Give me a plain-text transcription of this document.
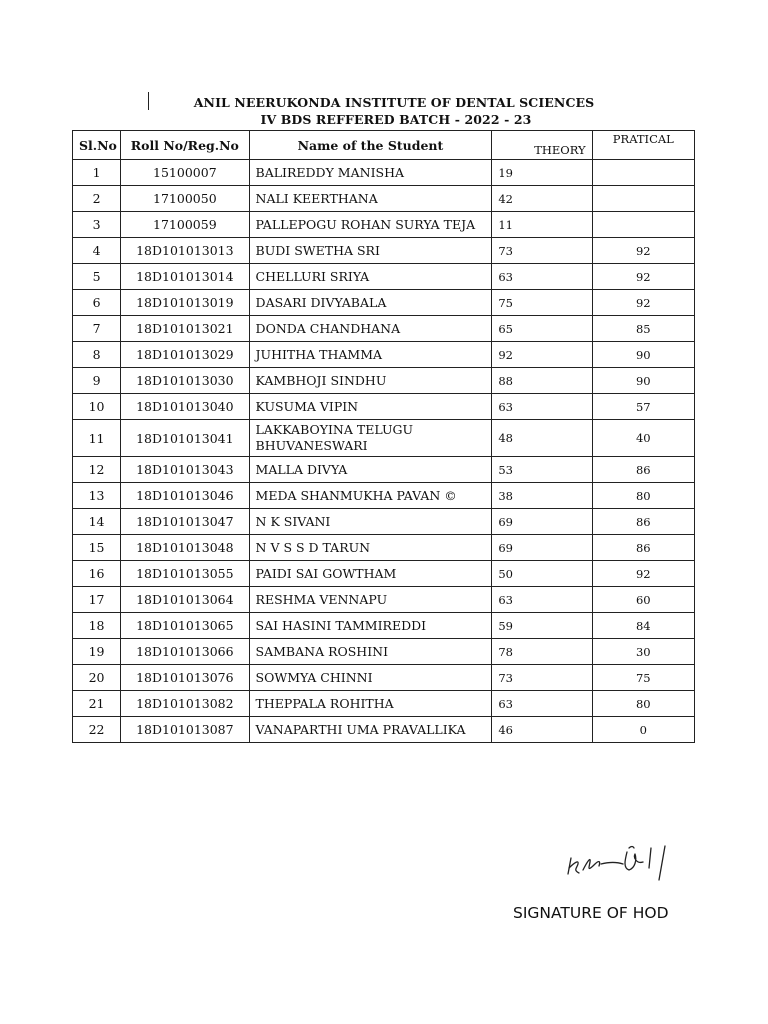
ANIL NEERUKONDA INSTITUTE OF DENTAL SCIENCES
IV BDS REFFERED BATCH - 2022 - 23
Sl.No	Roll No/Reg.No	Name of the Student	THEORY	PRATICAL
1	15100007	BALIREDDY MANISHA	19	
2	17100050	NALI KEERTHANA	42	
3	17100059	PALLEPOGU ROHAN SURYA TEJA	11	
4	18D101013013	BUDI SWETHA SRI	73	92
5	18D101013014	CHELLURI SRIYA	63	92
6	18D101013019	DASARI DIVYABALA	75	92
7	18D101013021	DONDA CHANDHANA	65	85
8	18D101013029	JUHITHA THAMMA	92	90
9	18D101013030	KAMBHOJI SINDHU	88	90
10	18D101013040	KUSUMA VIPIN	63	57
11	18D101013041	LAKKABOYINA TELUGU
BHUVANESWARI	48	40
12	18D101013043	MALLA DIVYA	53	86
13	18D101013046	MEDA SHANMUKHA PAVAN ©	38	80
14	18D101013047	N K SIVANI	69	86
15	18D101013048	N V S S D TARUN	69	86
16	18D101013055	PAIDI SAI GOWTHAM	50	92
17	18D101013064	RESHMA VENNAPU	63	60
18	18D101013065	SAI HASINI TAMMIREDDI	59	84
19	18D101013066	SAMBANA ROSHINI	78	30
20	18D101013076	SOWMYA CHINNI	73	75
21	18D101013082	THEPPALA ROHITHA	63	80
22	18D101013087	VANAPARTHI UMA PRAVALLIKA	46	0
SIGNATURE OF HOD
